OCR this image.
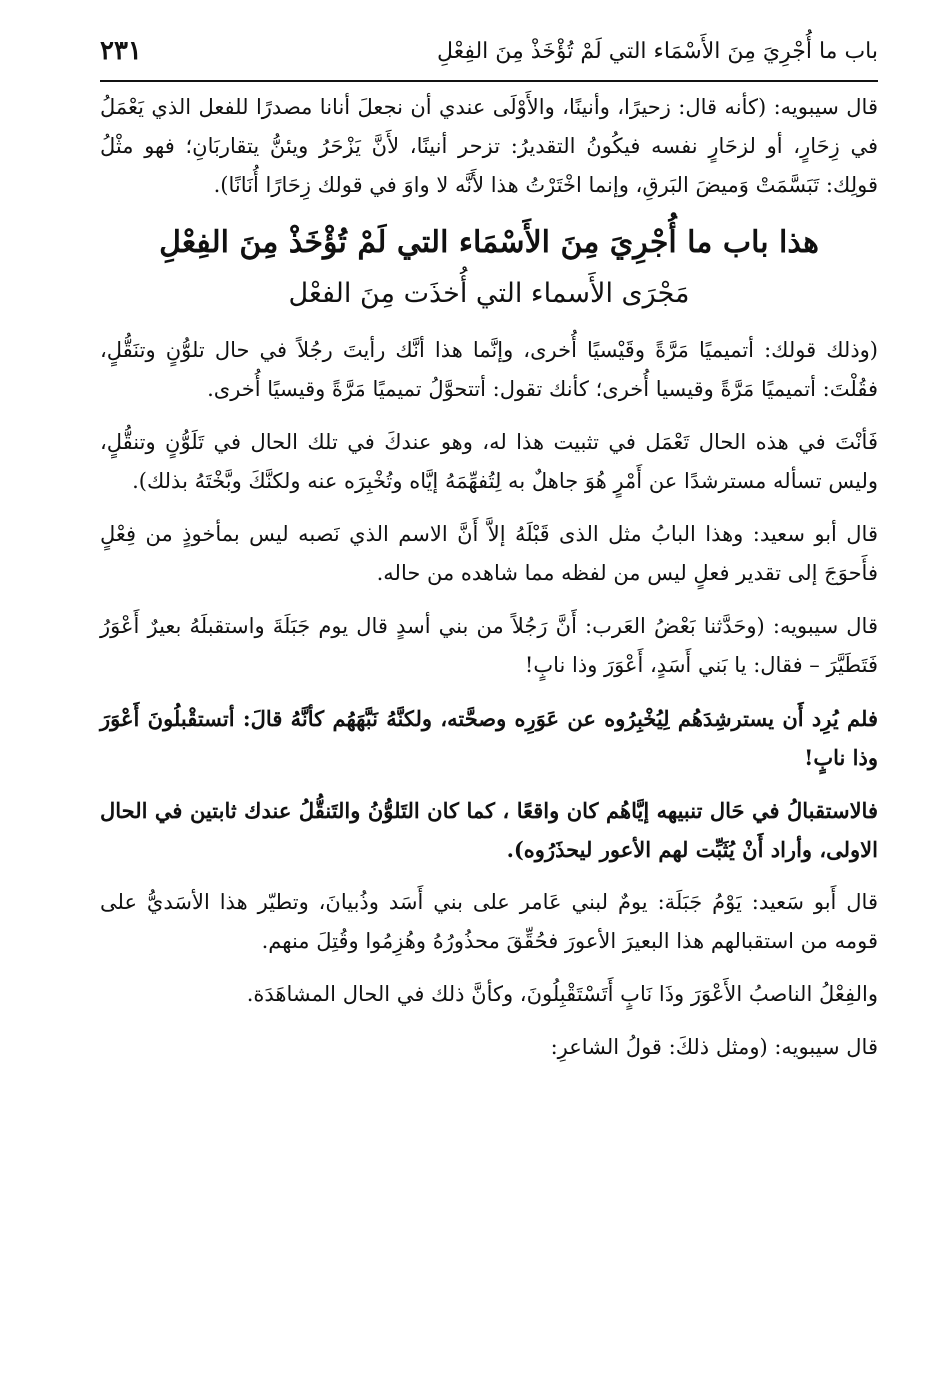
باب ما أُجْرِيَ مِنَ الأَسْمَاء التي لَمْ تُؤْخَذْ مِنَ الفِعْلِ
٢٣١

قال سيبويه: (كأنه قال: زحيرًا، وأنينًا، والأَوْلَى عندي أن نجعلَ أنانا مصدرًا للفعل الذي يَعْمَلُ في زِحَارٍ، أو لزحَارٍ نفسه فيكُونُ التقديرُ: تزحر أنينًا، لأَنَّ يَزْحَرُ ويئنُّ يتقاربَانِ؛ فهو مثْلُ قولِك: تَبَسَّمَتْ وَميضَ البَرقِ، وإنما اخْتَرْتُ هذا لأَنَّه لا واوَ في قولك زِحَارًا أُنَانًا).

هذا باب ما أُجْرِيَ مِنَ الأَسْمَاء التي لَمْ تُؤْخَذْ مِنَ الفِعْلِ
مَجْرَى الأَسماء التي أُخذَت مِنَ الفعْل

(وذلك قولك: أتميميًا مَرَّةً وقَيْسيًا أُخرى، وإنَّما هذا أنَّك رأيتَ رجُلاً في حال تلوُّنٍ وتنَقُّلٍ، فقُلْتَ: أتميميًا مَرَّةً وقيسيا أُخرى؛ كأنك تقول: أتتحوَّلُ تميميًا مَرَّةً وقيسيًا أُخرى.

فَأنْتَ في هذه الحال تَعْمَل في تثبيت هذا له، وهو عندكَ في تلك الحال في تَلَوُّنٍ وتنقُّلٍ، وليس تسأله مسترشدًا عن أَمْرٍ هُوَ جاهلٌ به لِتُفهِّمَهُ إيَّاه وتُخْبِرَه عنه ولكنَّكَ وبَّخْتَهُ بذلك).

قال أبو سعيد: وهذا البابُ مثل الذى قَبْلَهُ إلاَّ أَنَّ الاسم الذي نَصبه ليس بمأخوذٍ من فِعْلٍ فأَحوَجَ إلى تقدير فعلٍ ليس من لفظه مما شاهده من حاله.

قال سيبويه: (وحَدَّثنا بَعْضُ العَرب: أَنَّ رَجُلاً من بني أسدٍ قال يوم جَبَلَةَ واستقبلَهُ بعيرٌ أَعْوَرُ فَتَطَيَّرَ – فقال: يا بَني أَسَدٍ، أَعْوَرَ وذا نابٍ!

فلم يُرِد أَن يسترشِدَهُم لِيُخْبِرُوه عن عَوَرِه وصحَّته، ولكنَّهُ نَبَّهَهُم كأنَّهُ قالَ: أتستقْبلُونَ أَعْوَرَ وذا نابٍ!

فالاستقبالُ في حَال تنبيهه إيَّاهُم كان واقعًا ، كما كان التَلوُّنُ والتَنقُّلُ عندك ثابتين في الحال الاولى، وأراد أَنْ يُثَبِّت لهم الأعور ليحذَرُوه).

قال أَبو سَعيد: يَوْمُ جَبَلَة: يومٌ لبني عَامر على بني أَسَد وذُبيانَ، وتطيّر هذا الأسَديُّ على قومه من استقبالهم هذا البعيرَ الأعورَ فحُقِّقَ محذُورُهُ وهُزِمُوا وقُتِلَ منهم.

والفِعْلُ الناصبُ الأَعْوَرَ وذَا نَابٍ أَتَسْتَقْبِلُونَ، وكأنَّ ذلك في الحال المشاهَدَة.

قال سيبويه: (ومثل ذلكَ: قولُ الشاعرِ:
